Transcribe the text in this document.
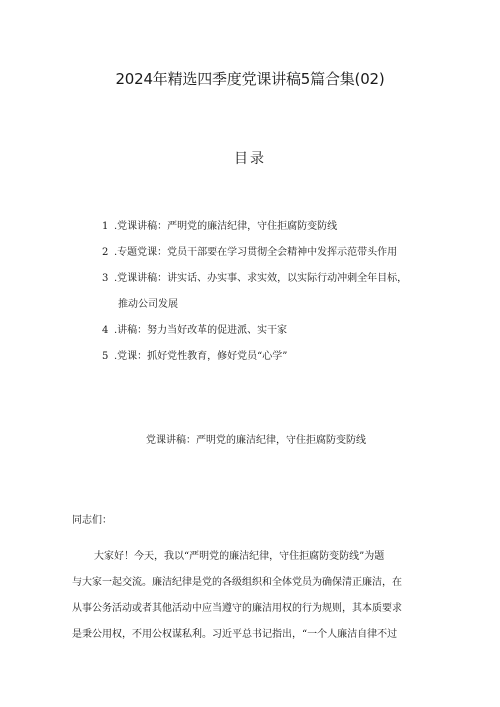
2024年精选四季度党课讲稿5篇合集(02)
目录
1 .党课讲稿：严明党的廉洁纪律，守住拒腐防变防线
2 .专题党课：党员干部要在学习贯彻全会精神中发挥示范带头作用
3 .党课讲稿：讲实话、办实事、求实效，以实际行动冲刺全年目标，
推动公司发展
4 .讲稿：努力当好改革的促进派、实干家
5 .党课：抓好党性教育，修好党员“心学”
党课讲稿：严明党的廉洁纪律，守住拒腐防变防线
同志们：

大家好！今天，我以“严明党的廉洁纪律，守住拒腐防变防线”为题
与大家一起交流。廉洁纪律是党的各级组织和全体党员为确保清正廉洁，在
从事公务活动或者其他活动中应当遵守的廉洁用权的行为规则，其本质要求
是秉公用权，不用公权谋私利。习近平总书记指出，“一个人廉洁自律不过
